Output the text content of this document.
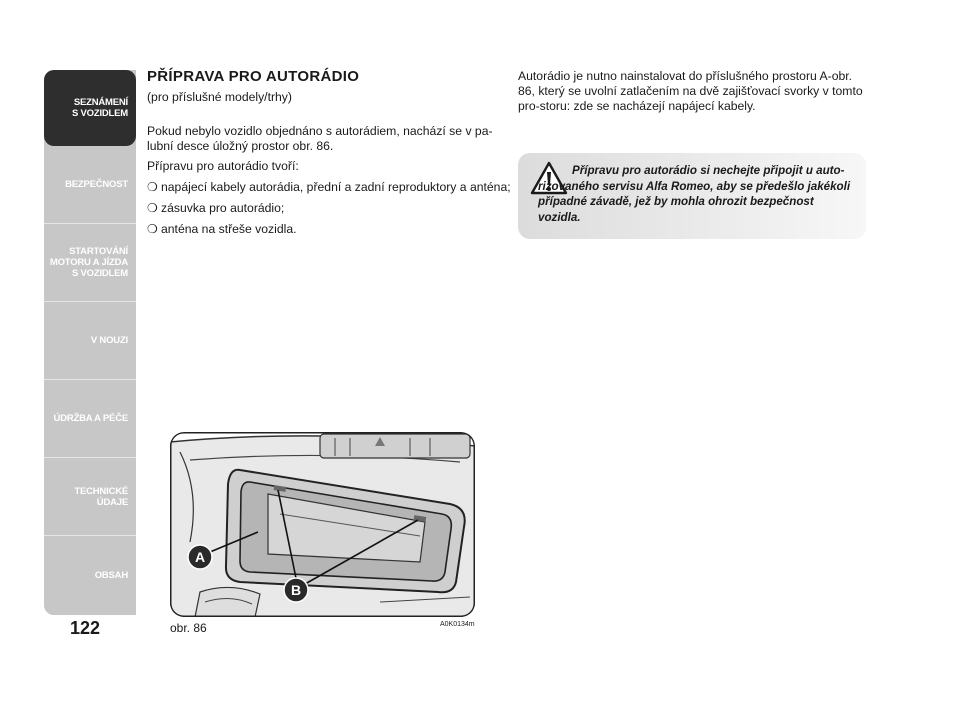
SEZNÁMENÍ
S VOZIDLEM
BEZPEČNOST
STARTOVÁNÍ
MOTORU A JÍZDA
S VOZIDLEM
V NOUZI
ÚDRŽBA A PÉČE
TECHNICKÉ
ÚDAJE
OBSAH
122
PŘÍPRAVA PRO AUTORÁDIO
(pro příslušné modely/trhy)
Pokud nebylo vozidlo objednáno s autorádiem, nachází se v pa-lubní desce úložný prostor obr. 86.
Přípravu pro autorádio tvoří:
❍ napájecí kabely autorádia, přední a zadní reproduktory a anténa;
❍ zásuvka pro autorádio;
❍ anténa na střeše vozidla.
Autorádio je nutno nainstalovat do příslušného prostoru A-obr. 86, který se uvolní zatlačením na dvě zajišťovací svorky v tomto pro-storu: zde se nacházejí napájecí kabely.
Přípravu pro autorádio si nechejte připojit u auto-rizovaného servisu Alfa Romeo, aby se předešlo jakékoli případné závadě, jež by mohla ohrozit bezpečnost vozidla.
A
B
obr. 86	A0K0134m
